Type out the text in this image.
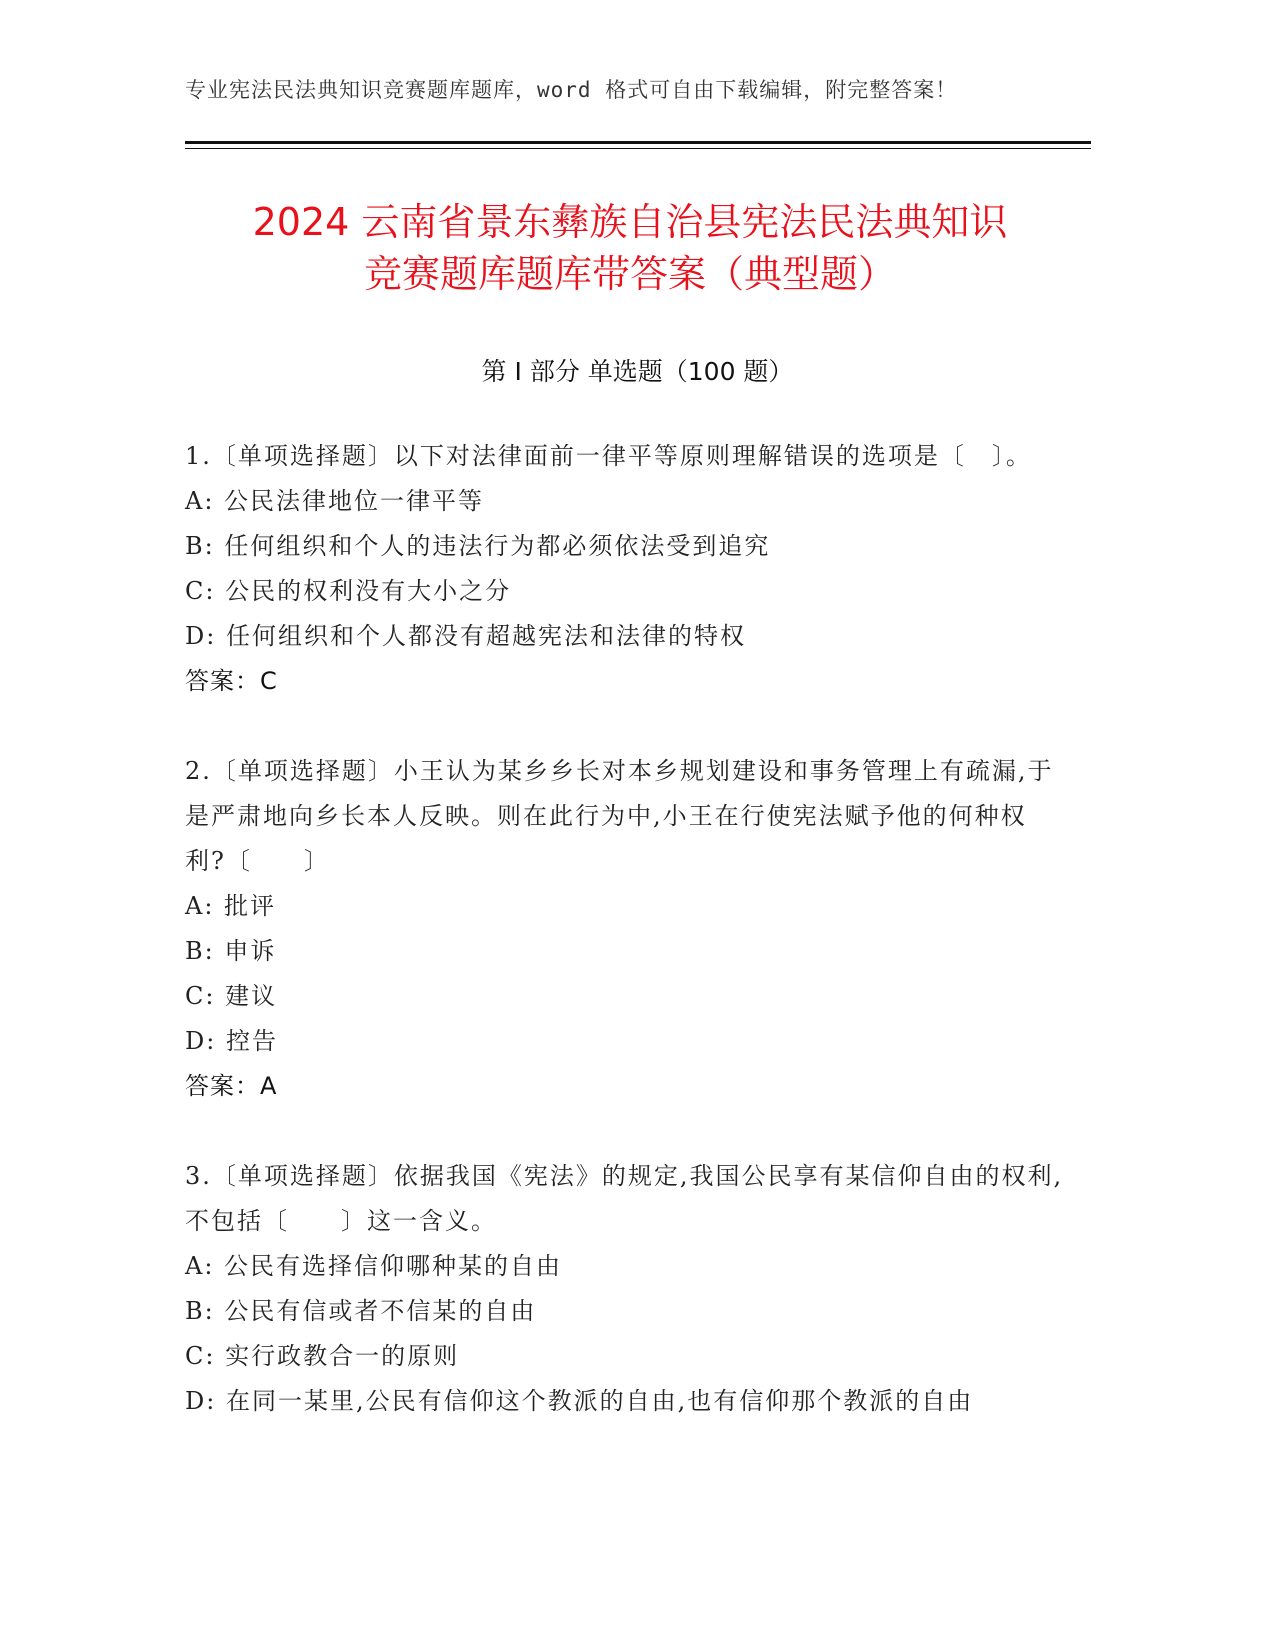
专业宪法民法典知识竞赛题库题库，word 格式可自由下载编辑，附完整答案！
2024 云南省景东彝族自治县宪法民法典知识
竞赛题库题库带答案（典型题）
第 I 部分 单选题（100 题）

1.〔单项选择题〕以下对法律面前一律平等原则理解错误的选项是〔　〕。

A: 公民法律地位一律平等

B: 任何组织和个人的违法行为都必须依法受到追究

C: 公民的权利没有大小之分

D: 任何组织和个人都没有超越宪法和法律的特权

答案：C

2.〔单项选择题〕小王认为某乡乡长对本乡规划建设和事务管理上有疏漏,于是严肃地向乡长本人反映。则在此行为中,小王在行使宪法赋予他的何种权利?〔　　〕

A: 批评

B: 申诉

C: 建议

D: 控告

答案：A

3.〔单项选择题〕依据我国《宪法》的规定,我国公民享有某信仰自由的权利,不包括〔　　〕这一含义。

A: 公民有选择信仰哪种某的自由

B: 公民有信或者不信某的自由

C: 实行政教合一的原则

D: 在同一某里,公民有信仰这个教派的自由,也有信仰那个教派的自由
